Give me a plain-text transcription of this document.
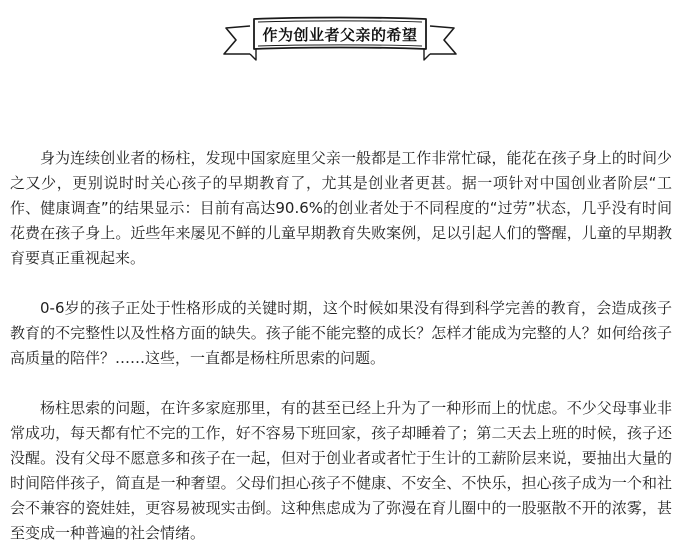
作为创业者父亲的希望

身为连续创业者的杨柱，发现中国家庭里父亲一般都是工作非常忙碌，能花在孩子身上的时间少之又少，更别说时时关心孩子的早期教育了，尤其是创业者更甚。据一项针对中国创业者阶层“工作、健康调查”的结果显示：目前有高达90.6%的创业者处于不同程度的“过劳”状态，几乎没有时间花费在孩子身上。近些年来屡见不鲜的儿童早期教育失败案例，足以引起人们的警醒，儿童的早期教育要真正重视起来。

0-6岁的孩子正处于性格形成的关键时期，这个时候如果没有得到科学完善的教育，会造成孩子教育的不完整性以及性格方面的缺失。孩子能不能完整的成长？怎样才能成为完整的人？如何给孩子高质量的陪伴？……这些，一直都是杨柱所思索的问题。

杨柱思索的问题，在许多家庭那里，有的甚至已经上升为了一种形而上的忧虑。不少父母事业非常成功，每天都有忙不完的工作，好不容易下班回家，孩子却睡着了；第二天去上班的时候，孩子还没醒。没有父母不愿意多和孩子在一起，但对于创业者或者忙于生计的工薪阶层来说，要抽出大量的时间陪伴孩子，简直是一种奢望。父母们担心孩子不健康、不安全、不快乐，担心孩子成为一个和社会不兼容的瓷娃娃，更容易被现实击倒。这种焦虑成为了弥漫在育儿圈中的一股驱散不开的浓雾，甚至变成一种普遍的社会情绪。
